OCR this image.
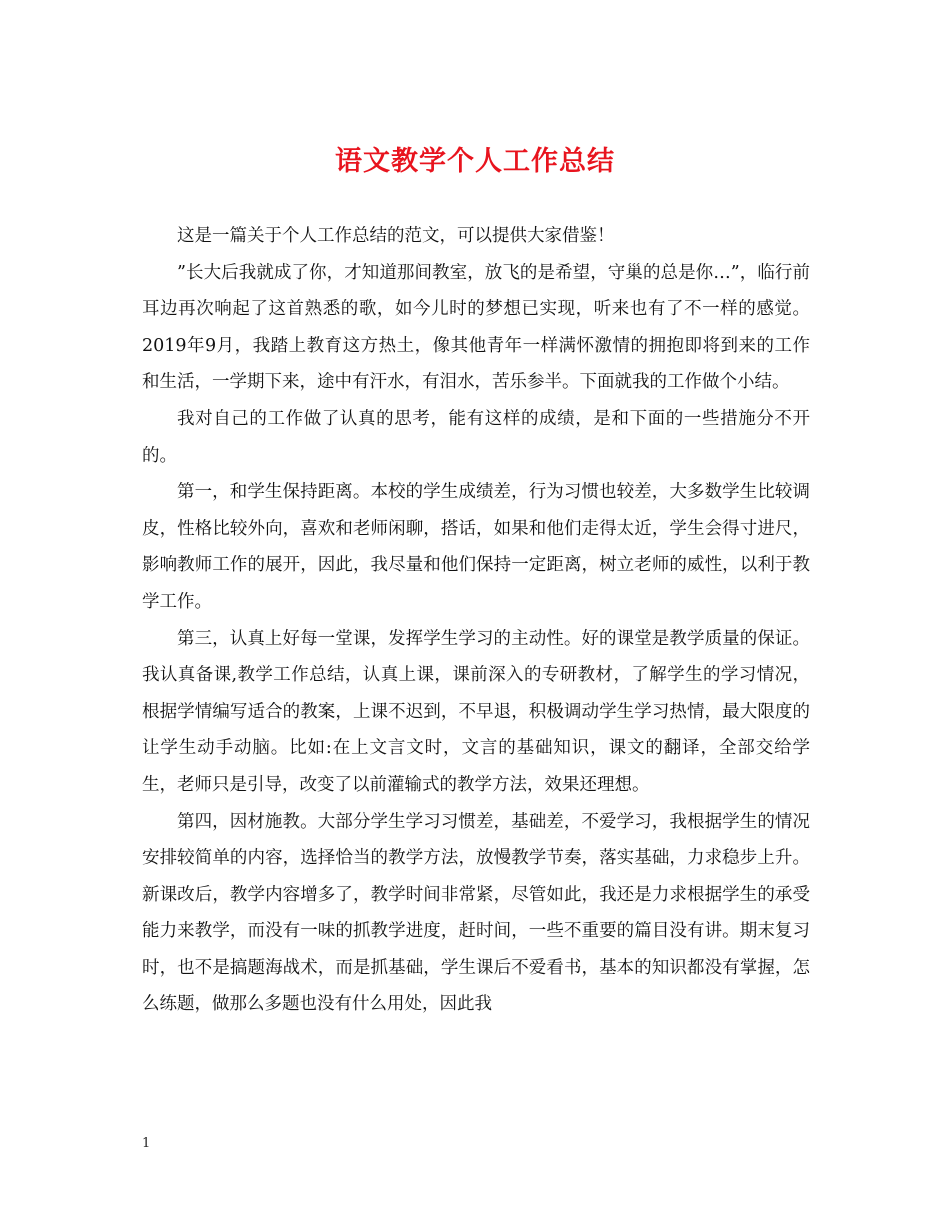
语文教学个人工作总结

这是一篇关于个人工作总结的范文，可以提供大家借鉴！

”长大后我就成了你，才知道那间教室，放飞的是希望，守巢的总是你…”，临行前耳边再次响起了这首熟悉的歌，如今儿时的梦想已实现，听来也有了不一样的感觉。2019年9月，我踏上教育这方热土，像其他青年一样满怀激情的拥抱即将到来的工作和生活，一学期下来，途中有汗水，有泪水，苦乐参半。下面就我的工作做个小结。

我对自己的工作做了认真的思考，能有这样的成绩，是和下面的一些措施分不开的。

第一，和学生保持距离。本校的学生成绩差，行为习惯也较差，大多数学生比较调皮，性格比较外向，喜欢和老师闲聊，搭话，如果和他们走得太近，学生会得寸进尺，影响教师工作的展开，因此，我尽量和他们保持一定距离，树立老师的威性，以利于教学工作。

第三，认真上好每一堂课，发挥学生学习的主动性。好的课堂是教学质量的保证。我认真备课,教学工作总结，认真上课，课前深入的专研教材，了解学生的学习情况，根据学情编写适合的教案，上课不迟到，不早退，积极调动学生学习热情，最大限度的让学生动手动脑。比如:在上文言文时，文言的基础知识，课文的翻译，全部交给学生，老师只是引导，改变了以前灌输式的教学方法，效果还理想。

第四，因材施教。大部分学生学习习惯差，基础差，不爱学习，我根据学生的情况安排较简单的内容，选择恰当的教学方法，放慢教学节奏，落实基础，力求稳步上升。新课改后，教学内容增多了，教学时间非常紧，尽管如此，我还是力求根据学生的承受能力来教学，而没有一味的抓教学进度，赶时间，一些不重要的篇目没有讲。期末复习时，也不是搞题海战术，而是抓基础，学生课后不爱看书，基本的知识都没有掌握，怎么练题，做那么多题也没有什么用处，因此我

1
